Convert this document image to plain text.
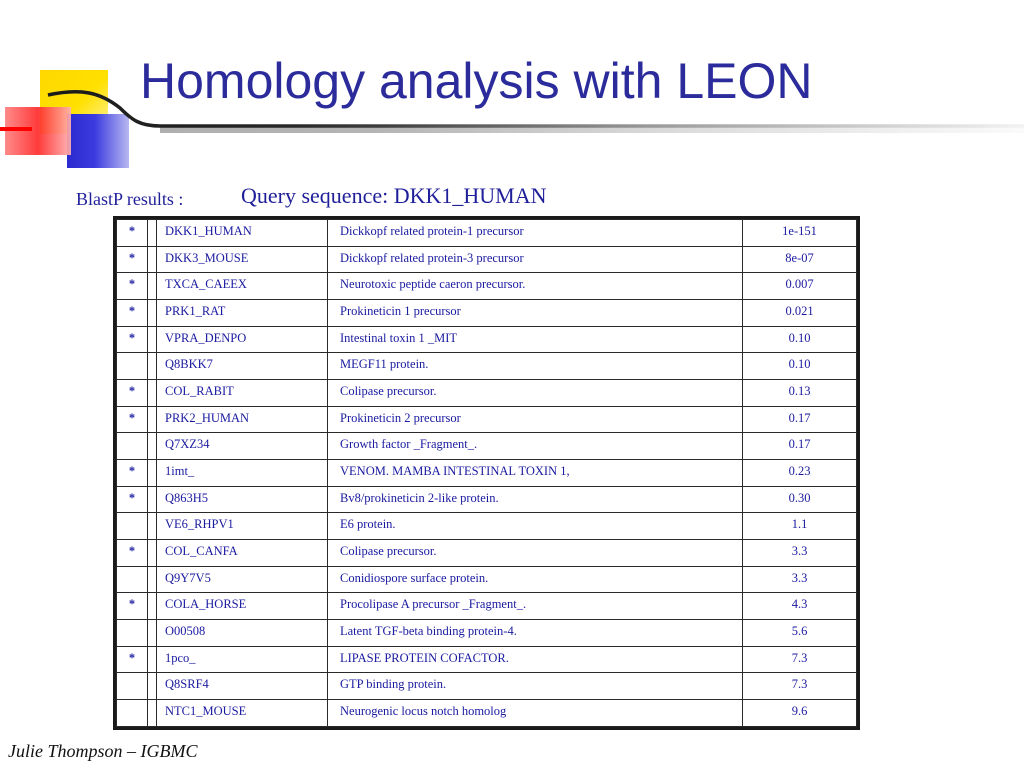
Homology analysis with LEON
BlastP results :	Query sequence: DKK1_HUMAN
*		DKK1_HUMAN	Dickkopf related protein-1 precursor	1e-151
*		DKK3_MOUSE	Dickkopf related protein-3 precursor	8e-07
*		TXCA_CAEEX	Neurotoxic peptide caeron precursor.	0.007
*		PRK1_RAT	Prokineticin 1 precursor	0.021
*		VPRA_DENPO	Intestinal toxin 1 _MIT	0.10
		Q8BKK7	MEGF11 protein.	0.10
*		COL_RABIT	Colipase precursor.	0.13
*		PRK2_HUMAN	Prokineticin 2 precursor	0.17
		Q7XZ34	Growth factor _Fragment_.	0.17
*		1imt_	VENOM. MAMBA INTESTINAL TOXIN 1,	0.23
*		Q863H5	Bv8/prokineticin 2-like protein.	0.30
		VE6_RHPV1	E6 protein.	1.1
*		COL_CANFA	Colipase precursor.	3.3
		Q9Y7V5	Conidiospore surface protein.	3.3
*		COLA_HORSE	Procolipase A precursor _Fragment_.	4.3
		O00508	Latent TGF-beta binding protein-4.	5.6
*		1pco_	LIPASE PROTEIN COFACTOR.	7.3
		Q8SRF4	GTP binding protein.	7.3
		NTC1_MOUSE	Neurogenic locus notch homolog	9.6
Julie Thompson – IGBMC
